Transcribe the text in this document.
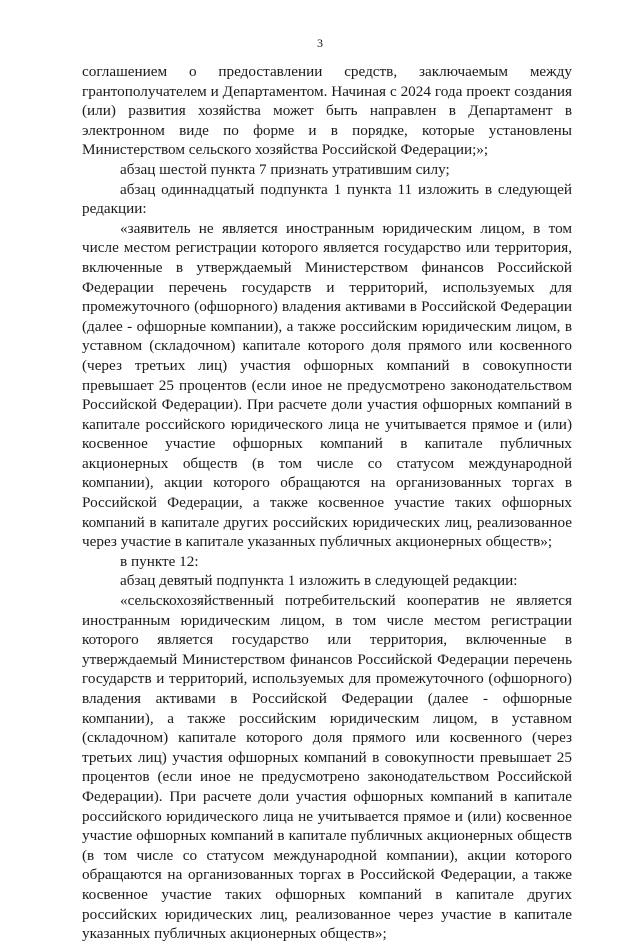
3

соглашением о предоставлении средств, заключаемым между грантополучателем и Департаментом. Начиная с 2024 года проект создания (или) развития хозяйства может быть направлен в Департамент в электронном виде по форме и в порядке, которые установлены Министерством сельского хозяйства Российской Федерации;»;

абзац шестой пункта 7 признать утратившим силу;

абзац одиннадцатый подпункта 1 пункта 11 изложить в следующей редакции:

«заявитель не является иностранным юридическим лицом, в том числе местом регистрации которого является государство или территория, включенные в утверждаемый Министерством финансов Российской Федерации перечень государств и территорий, используемых для промежуточного (офшорного) владения активами в Российской Федерации (далее - офшорные компании), а также российским юридическим лицом, в уставном (складочном) капитале которого доля прямого или косвенного (через третьих лиц) участия офшорных компаний в совокупности превышает 25 процентов (если иное не предусмотрено законодательством Российской Федерации). При расчете доли участия офшорных компаний в капитале российского юридического лица не учитывается прямое и (или) косвенное участие офшорных компаний в капитале публичных акционерных обществ (в том числе со статусом международной компании), акции которого обращаются на организованных торгах в Российской Федерации, а также косвенное участие таких офшорных компаний в капитале других российских юридических лиц, реализованное через участие в капитале указанных публичных акционерных обществ»;

в пункте 12:

абзац девятый подпункта 1 изложить в следующей редакции:

«сельскохозяйственный потребительский кооператив не является иностранным юридическим лицом, в том числе местом регистрации которого является государство или территория, включенные в утверждаемый Министерством финансов Российской Федерации перечень государств и территорий, используемых для промежуточного (офшорного) владения активами в Российской Федерации (далее - офшорные компании), а также российским юридическим лицом, в уставном (складочном) капитале которого доля прямого или косвенного (через третьих лиц) участия офшорных компаний в совокупности превышает 25 процентов (если иное не предусмотрено законодательством Российской Федерации). При расчете доли участия офшорных компаний в капитале российского юридического лица не учитывается прямое и (или) косвенное участие офшорных компаний в капитале публичных акционерных обществ (в том числе со статусом международной компании), акции которого обращаются на организованных торгах в Российской Федерации, а также косвенное участие таких офшорных компаний в капитале других российских юридических лиц, реализованное через участие в капитале указанных публичных акционерных обществ»;
